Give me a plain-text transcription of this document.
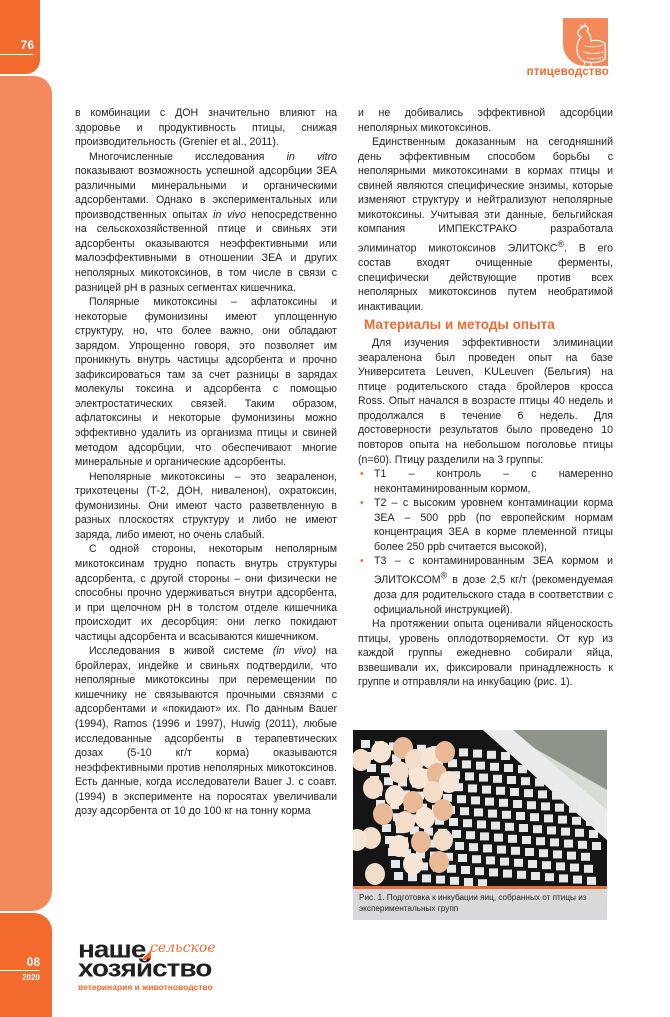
76
08
2020
птицеводство

в комбинации с ДОН значительно влияют на здоровье и продуктивность птицы, снижая производительность (Grenier et al., 2011).

Многочисленные исследования in vitro показывают возможность успешной адсорбции ЗЕА различными минеральными и органическими адсорбентами. Однако в экспериментальных или производственных опытах in vivo непосредственно на сельскохозяйственной птице и свиньях эти адсорбенты оказываются неэффективными или малоэффективными в отношении ЗЕА и других неполярных микотоксинов, в том числе в связи с разницей pH в разных сегментах кишечника.

Полярные микотоксины – афлатоксины и некоторые фумонизины имеют уплощенную структуру, но, что более важно, они обладают зарядом. Упрощенно говоря, это позволяет им проникнуть внутрь частицы адсорбента и прочно зафиксироваться там за счет разницы в зарядах молекулы токсина и адсорбента с помощью электростатических связей. Таким образом, афлатоксины и некоторые фумонизины можно эффективно удалить из организма птицы и свиней методом адсорбции, что обеспечивают многие минеральные и органические адсорбенты.

Неполярные микотоксины – это зеараленон, трихотецены (Т-2, ДОН, ниваленон), охратоксин, фумонизины. Они имеют часто разветвленную в разных плоскостях структуру и либо не имеют заряда, либо имеют, но очень слабый.

С одной стороны, некоторым неполярным микотоксинам трудно попасть внутрь структуры адсорбента, с другой стороны – они физически не способны прочно удерживаться внутри адсорбента, и при щелочном pH в толстом отделе кишечника происходит их десорбция: они легко покидают частицы адсорбента и всасываются кишечником.

Исследования в живой системе (in vivo) на бройлерах, индейке и свиньях подтвердили, что неполярные микотоксины при перемещении по кишечнику не связываются прочными связями с адсорбентами и «покидают» их. По данным Bauer (1994), Ramos (1996 и 1997), Huwig (2011), любые исследованные адсорбенты в терапевтических дозах (5-10 кг/т корма) оказываются неэффективными против неполярных микотоксинов. Есть данные, когда исследователи Bauer J. с соавт. (1994) в эксперименте на поросятах увеличивали дозу адсорбента от 10 до 100 кг на тонну корма

и не добивались эффективной адсорбции неполярных микотоксинов.

Единственным доказанным на сегодняшний день эффективным способом борьбы с неполярными микотоксинами в кормах птицы и свиней являются специфические энзимы, которые изменяют структуру и нейтрализуют неполярные микотоксины. Учитывая эти данные, бельгийская компания ИМПЕКСТРАКО разработала элиминатор микотоксинов ЭЛИТОКС®. В его состав входят очищенные ферменты, специфически действующие против всех неполярных микотоксинов путем необратимой инактивации.

Материалы и методы опыта

Для изучения эффективности элиминации зеараленона был проведен опыт на базе Университета Leuven, KULeuven (Бельгия) на птице родительского стада бройлеров кросса Ross. Опыт начался в возрасте птицы 40 недель и продолжался в течение 6 недель. Для достоверности результатов было проведено 10 повторов опыта на небольшом поголовье птицы (n=60). Птицу разделили на 3 группы:

• Т1 – контроль – с намеренно неконтаминированным кормом,
• Т2 – с высоким уровнем контаминации корма ЗЕА – 500 ppb (по европейским нормам концентрация ЗЕА в корме племенной птицы более 250 ppb считается высокой),
• Т3 – с контаминированным ЗЕА кормом и ЭЛИТОКСОМ® в дозе 2,5 кг/т (рекомендуемая доза для родительского стада в соответствии с официальной инструкцией).

На протяжении опыта оценивали яйценоскость птицы, уровень оплодотворяемости. От кур из каждой группы ежедневно собирали яйца, взвешивали их, фиксировали принадлежность к группе и отправляли на инкубацию (рис. 1).

Рис. 1. Подготовка к инкубации яиц, собранных от птицы из экспериментальных групп
наше сельское
хозяйство
ветеринария и животноводство
